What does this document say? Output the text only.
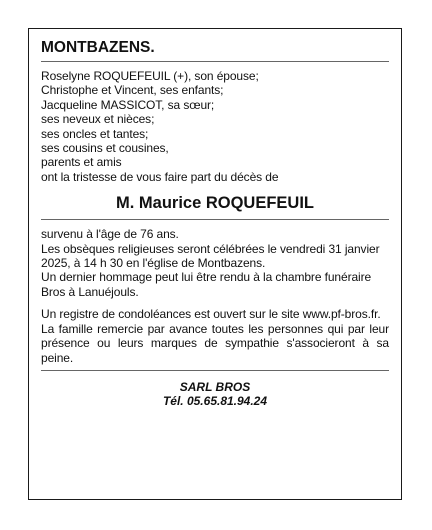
MONTBAZENS.

Roselyne ROQUEFEUIL (+), son épouse;

Christophe et Vincent, ses enfants;

Jacqueline MASSICOT, sa sœur;

ses neveux et nièces;

ses oncles et tantes;

ses cousins et cousines,

parents et amis

ont la tristesse de vous faire part du décès de

M. Maurice ROQUEFEUIL

survenu à l'âge de 76 ans.

Les obsèques religieuses seront célébrées le vendredi 31 janvier 2025, à 14 h 30 en l'église de Montbazens.

Un dernier hommage peut lui être rendu à la chambre funéraire Bros à Lanuéjouls.

Un registre de condoléances est ouvert sur le site www.pf-bros.fr.

La famille remercie par avance toutes les personnes qui par leur présence ou leurs marques de sympathie s'associeront à sa peine.

SARL BROS
Tél. 05.65.81.94.24
